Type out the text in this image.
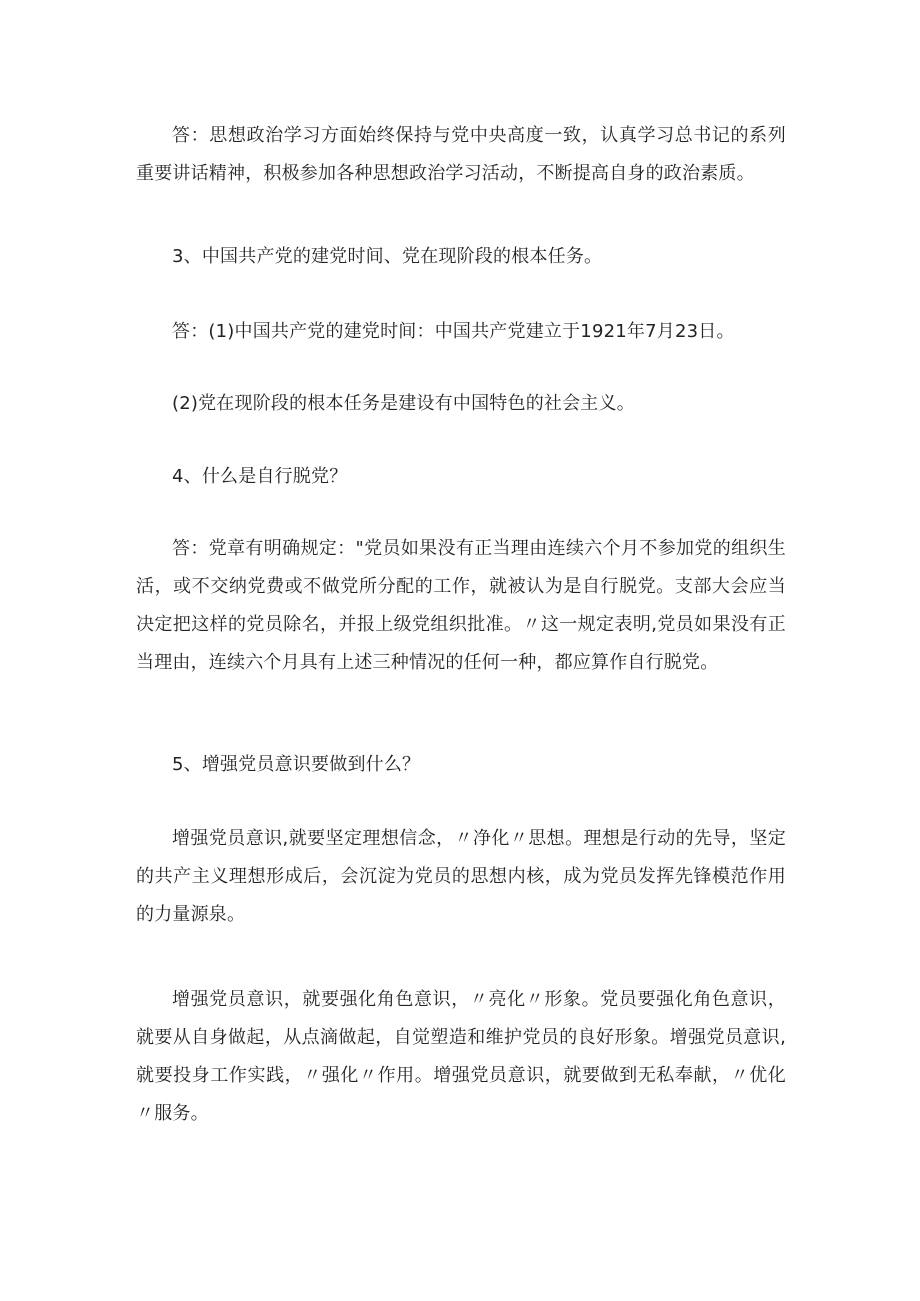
答：思想政治学习方面始终保持与党中央高度一致，认真学习总书记的系列重要讲话精神，积极参加各种思想政治学习活动，不断提高自身的政治素质。

3、中国共产党的建党时间、党在现阶段的根本任务。

答：(1)中国共产党的建党时间：中国共产党建立于1921年7月23日。

(2)党在现阶段的根本任务是建设有中国特色的社会主义。

4、什么是自行脱党？

答：党章有明确规定："党员如果没有正当理由连续六个月不参加党的组织生活，或不交纳党费或不做党所分配的工作，就被认为是自行脱党。支部大会应当决定把这样的党员除名，并报上级党组织批准。〃这一规定表明,党员如果没有正当理由，连续六个月具有上述三种情况的任何一种，都应算作自行脱党。

5、增强党员意识要做到什么？

增强党员意识,就要坚定理想信念，〃净化〃思想。理想是行动的先导，坚定的共产主义理想形成后，会沉淀为党员的思想内核，成为党员发挥先锋模范作用的力量源泉。

增强党员意识，就要强化角色意识，〃亮化〃形象。党员要强化角色意识，就要从自身做起，从点滴做起，自觉塑造和维护党员的良好形象。增强党员意识,就要投身工作实践，〃强化〃作用。增强党员意识，就要做到无私奉献，〃优化〃服务。
